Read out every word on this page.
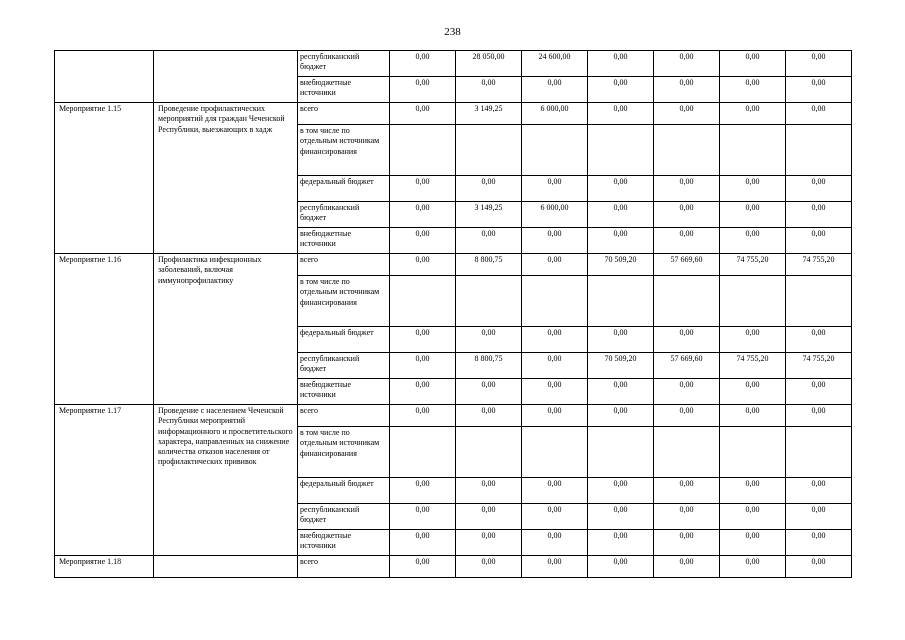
238
		республиканский бюджет	0,00	28 050,00	24 600,00	0,00	0,00	0,00	0,00
		внебюджетные источники	0,00	0,00	0,00	0,00	0,00	0,00	0,00
Мероприятие 1.15	Проведение профилактических мероприятий для граждан Чеченской Республики, выезжающих в хадж	всего	0,00	3 149,25	6 000,00	0,00	0,00	0,00	0,00
		в том числе по отдельным источникам финансирования							
		федеральный бюджет	0,00	0,00	0,00	0,00	0,00	0,00	0,00
		республиканский бюджет	0,00	3 149,25	6 000,00	0,00	0,00	0,00	0,00
		внебюджетные источники	0,00	0,00	0,00	0,00	0,00	0,00	0,00
Мероприятие 1.16	Профилактика инфекционных заболеваний, включая иммунопрофилактику	всего	0,00	8 800,75	0,00	70 509,20	57 669,60	74 755,20	74 755,20
		в том числе по отдельным источникам финансирования							
		федеральный бюджет	0,00	0,00	0,00	0,00	0,00	0,00	0,00
		республиканский бюджет	0,00	8 800,75	0,00	70 509,20	57 669,60	74 755,20	74 755,20
		внебюджетные источники	0,00	0,00	0,00	0,00	0,00	0,00	0,00
Мероприятие 1.17	Проведение с населением Чеченской Республики мероприятий информационного и просветительского характера, направленных на снижение количества отказов населения от профилактических прививок	всего	0,00	0,00	0,00	0,00	0,00	0,00	0,00
		в том числе по отдельным источникам финансирования							
		федеральный бюджет	0,00	0,00	0,00	0,00	0,00	0,00	0,00
		республиканский бюджет	0,00	0,00	0,00	0,00	0,00	0,00	0,00
		внебюджетные источники	0,00	0,00	0,00	0,00	0,00	0,00	0,00
Мероприятие 1.18		всего	0,00	0,00	0,00	0,00	0,00	0,00	0,00
